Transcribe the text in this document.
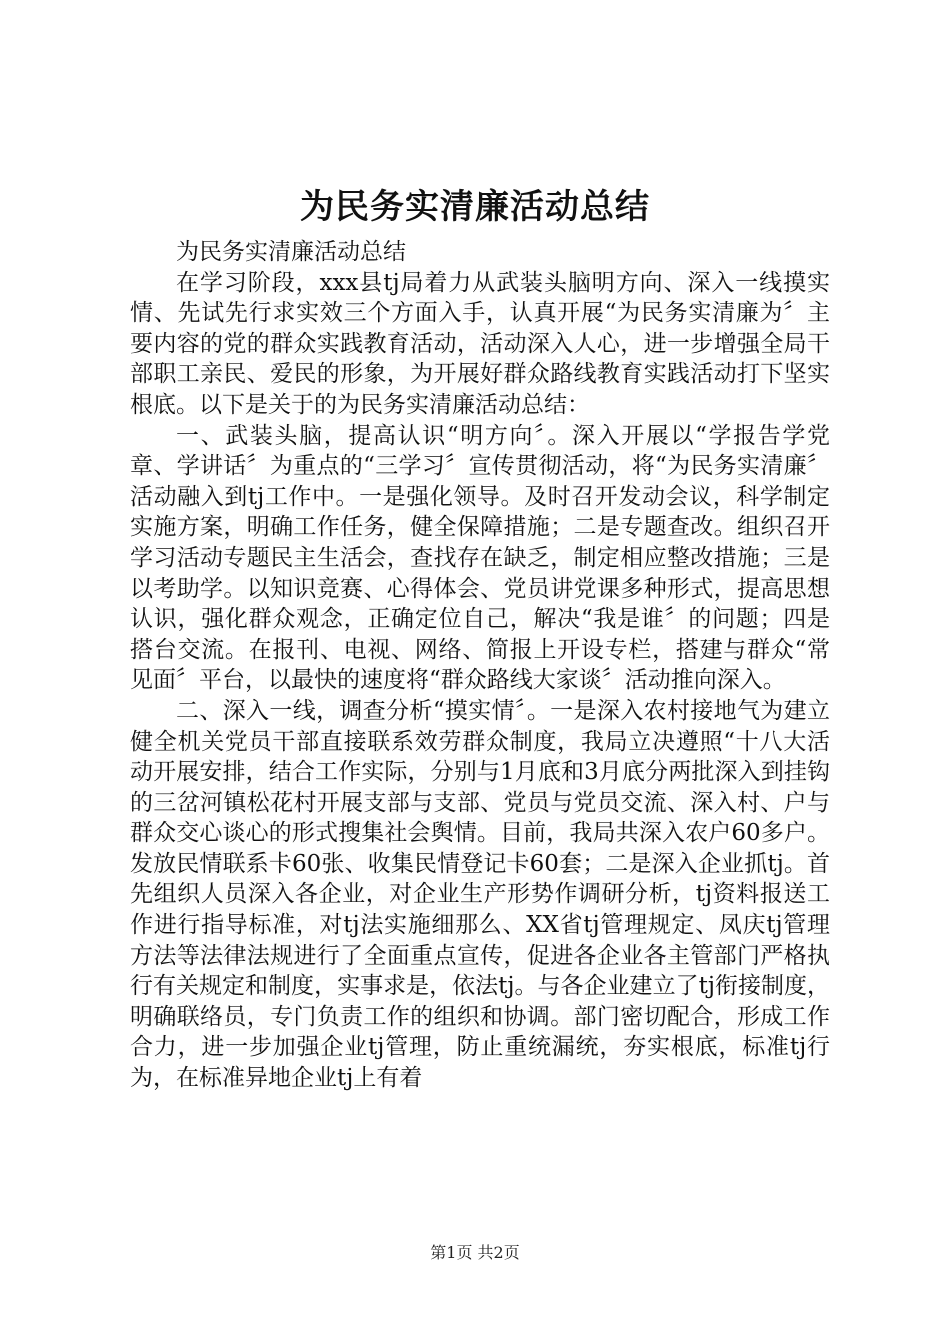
为民务实清廉活动总结

为民务实清廉活动总结

在学习阶段，xxx县tj局着力从武装头脑明方向、深入一线摸实情、先试先行求实效三个方面入手，认真开展“为民务实清廉为〞主要内容的党的群众实践教育活动，活动深入人心，进一步增强全局干部职工亲民、爱民的形象，为开展好群众路线教育实践活动打下坚实根底。以下是关于的为民务实清廉活动总结：

一、武装头脑，提高认识“明方向〞。深入开展以“学报告学党章、学讲话〞为重点的“三学习〞宣传贯彻活动，将“为民务实清廉〞活动融入到tj工作中。一是强化领导。及时召开发动会议，科学制定实施方案，明确工作任务，健全保障措施；二是专题查改。组织召开学习活动专题民主生活会，查找存在缺乏，制定相应整改措施；三是以考助学。以知识竞赛、心得体会、党员讲党课多种形式，提高思想认识，强化群众观念，正确定位自己，解决“我是谁〞的问题；四是搭台交流。在报刊、电视、网络、简报上开设专栏，搭建与群众“常见面〞平台，以最快的速度将“群众路线大家谈〞活动推向深入。

二、深入一线，调查分析“摸实情〞。一是深入农村接地气为建立健全机关党员干部直接联系效劳群众制度，我局立决遵照“十八大活动开展安排，结合工作实际，分别与1月底和3月底分两批深入到挂钩的三岔河镇松花村开展支部与支部、党员与党员交流、深入村、户与群众交心谈心的形式搜集社会舆情。目前，我局共深入农户60多户。发放民情联系卡60张、收集民情登记卡60套；二是深入企业抓tj。首先组织人员深入各企业，对企业生产形势作调研分析，tj资料报送工作进行指导标准，对tj法实施细那么、XX省tj管理规定、凤庆tj管理方法等法律法规进行了全面重点宣传，促进各企业各主管部门严格执行有关规定和制度，实事求是，依法tj。与各企业建立了tj衔接制度，明确联络员，专门负责工作的组织和协调。部门密切配合，形成工作合力，进一步加强企业tj管理，防止重统漏统，夯实根底，标准tj行为，在标准异地企业tj上有着

第1页 共2页
